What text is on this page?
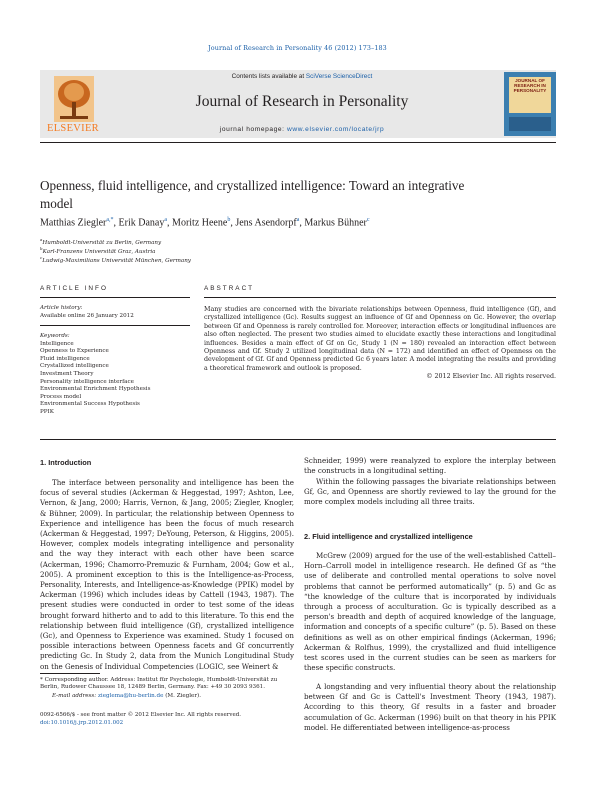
Journal of Research in Personality 46 (2012) 173–183
ELSEVIER
Contents lists available at SciVerse ScienceDirect
Journal of Research in Personality
journal homepage: www.elsevier.com/locate/jrp
JOURNAL OF RESEARCH IN PERSONALITY
Openness, fluid intelligence, and crystallized intelligence: Toward an integrative model
Matthias Ziegler$^{a,*}$, Erik Danay$^a$, Moritz Heene$^b$, Jens Asendorpf$^a$, Markus Bühner$^c$
$^a$Humboldt-Universität zu Berlin, Germany
$^b$Karl-Franzens Universität Graz, Austria
$^c$Ludwig-Maximilians Universität München, Germany
ARTICLE INFO	ABSTRACT
Article history:
Available online 26 January 2012
Keywords:
Intelligence
Openness to Experience
Fluid intelligence
Crystallized intelligence
Investment Theory
Personality intelligence interface
Environmental Enrichment Hypothesis
Process model
Environmental Success Hypothesis
PPIK
Many studies are concerned with the bivariate relationships between Openness, fluid intelligence (Gf), and crystallized intelligence (Gc). Results suggest an influence of Gf and Openness on Gc. However, the overlap between Gf and Openness is rarely controlled for. Moreover, interaction effects or longitudinal influences are also often neglected. The present two studies aimed to elucidate exactly these interactions and longitudinal influences. Besides a main effect of Gf on Gc, Study 1 (N = 180) revealed an interaction effect between Openness and Gf. Study 2 utilized longitudinal data (N = 172) and identified an effect of Openness on the development of Gf. Gf and Openness predicted Gc 6 years later. A model integrating the results and providing a theoretical framework and outlook is proposed.
© 2012 Elsevier Inc. All rights reserved.
1. Introduction
The interface between personality and intelligence has been the focus of several studies (Ackerman & Heggestad, 1997; Ashton, Lee, Vernon, & Jang, 2000; Harris, Vernon, & Jang, 2005; Ziegler, Knogler, & Bühner, 2009). In particular, the relationship between Openness to Experience and intelligence has been the focus of much research (Ackerman & Heggestad, 1997; DeYoung, Peterson, & Higgins, 2005). However, complex models integrating intelligence and personality and the way they interact with each other have been scarce (Ackerman, 1996; Chamorro-Premuzic & Furnham, 2004; Gow et al., 2005). A prominent exception to this is the Intelligence-as-Process, Personality, Interests, and Intelligence-as-Knowledge (PPIK) model by Ackerman (1996) which includes ideas by Cattell (1943, 1987). The present studies were conducted in order to test some of the ideas brought forward hitherto and to add to this literature. To this end the relationship between fluid intelligence (Gf), crystallized intelligence (Gc), and Openness to Experience was examined. Study 1 focused on possible interactions between Openness facets and Gf concurrently predicting Gc. In Study 2, data from the Munich Longitudinal Study on the Genesis of Individual Competencies (LOGIC, see Weinert &
* Corresponding author. Address: Institut für Psychologie, Humboldt-Universität zu Berlin, Rudower Chaussee 18, 12489 Berlin, Germany. Fax: +49 30 2093 9361.
E-mail address: zieglema@hu-berlin.de (M. Ziegler).
0092-6566/$ - see front matter © 2012 Elsevier Inc. All rights reserved.
doi:10.1016/j.jrp.2012.01.002
Schneider, 1999) were reanalyzed to explore the interplay between the constructs in a longitudinal setting.
Within the following passages the bivariate relationships between Gf, Gc, and Openness are shortly reviewed to lay the ground for the more complex models including all three traits.
2. Fluid intelligence and crystallized intelligence
McGrew (2009) argued for the use of the well-established Cattell–Horn–Carroll model in intelligence research. He defined Gf as “the use of deliberate and controlled mental operations to solve novel problems that cannot be performed automatically” (p. 5) and Gc as “the knowledge of the culture that is incorporated by individuals through a process of acculturation. Gc is typically described as a person's breadth and depth of acquired knowledge of the language, information and concepts of a specific culture” (p. 5). Based on these definitions as well as on other empirical findings (Ackerman, 1996; Ackerman & Rolfhus, 1999), the crystallized and fluid intelligence test scores used in the current studies can be seen as markers for these specific constructs.
A longstanding and very influential theory about the relationship between Gf and Gc is Cattell's Investment Theory (1943, 1987). According to this theory, Gf results in a faster and broader accumulation of Gc. Ackerman (1996) built on that theory in his PPIK model. He differentiated between intelligence-as-process
